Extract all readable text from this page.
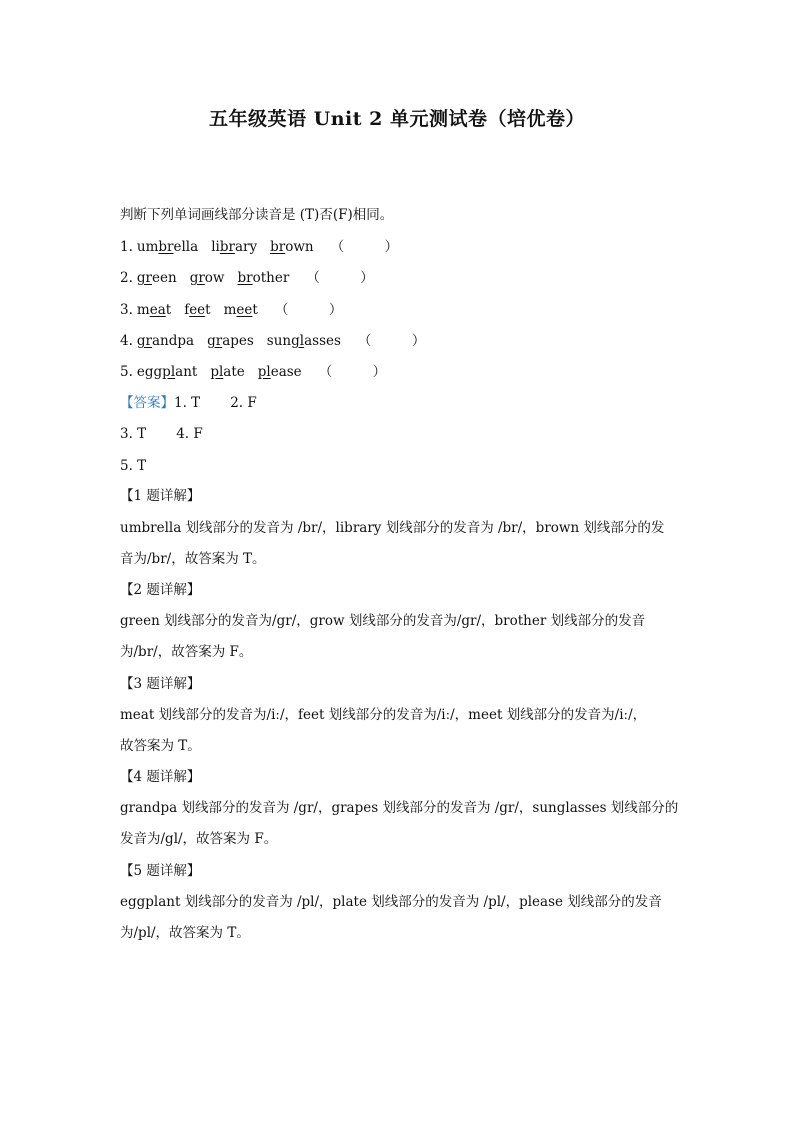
五年级英语 Unit 2 单元测试卷（培优卷）
判断下列单词画线部分读音是 (T)否(F)相同。
1. umbrella library brown （　　　）
2. green grow brother （　　　）
3. meat feet meet （　　　）
4. grandpa grapes sunglasses （　　　）
5. eggplant plate please （　　　）
【答案】1. T 2. F
3. T 4. F
5. T
【1 题详解】
umbrella 划线部分的发音为 /br/，library 划线部分的发音为 /br/，brown 划线部分的发
音为/br/，故答案为 T。
【2 题详解】
green 划线部分的发音为/gr/，grow 划线部分的发音为/gr/，brother 划线部分的发音
为/br/，故答案为 F。
【3 题详解】
meat 划线部分的发音为/iː/，feet 划线部分的发音为/iː/，meet 划线部分的发音为/iː/，
故答案为 T。
【4 题详解】
grandpa 划线部分的发音为 /gr/，grapes 划线部分的发音为 /gr/，sunglasses 划线部分的
发音为/gl/，故答案为 F。
【5 题详解】
eggplant 划线部分的发音为 /pl/，plate 划线部分的发音为 /pl/，please 划线部分的发音
为/pl/，故答案为 T。
